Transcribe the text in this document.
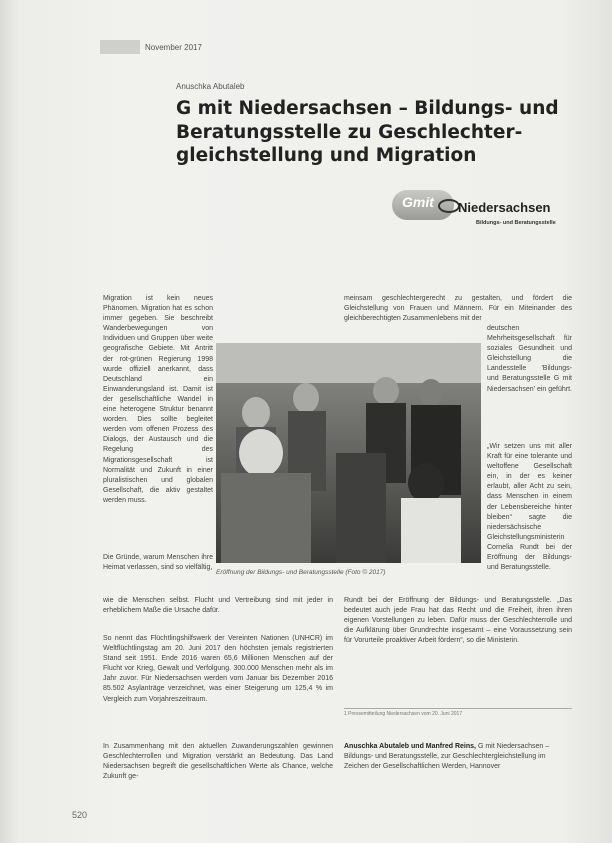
November 2017
Anuschka Abutaleb
G mit Niedersachsen – Bildungs- und Beratungsstelle zu Geschlechter-gleichstellung und Migration
Gmit Niedersachsen
Bildungs- und Beratungsstelle

Migration ist kein neues Phänomen. Migration hat es schon immer gegeben. Sie beschreibt Wanderbewegungen von Individuen und Gruppen über weite geografische Gebiete. Mit Antritt der rot-grünen Regierung 1998 wurde offiziell anerkannt, dass Deutschland ein Einwanderungsland ist. Damit ist der gesellschaftliche Wandel in eine heterogene Struktur benannt worden. Dies sollte begleitet werden vom offenen Prozess des Dialogs, der Austausch und die Regelung des Migrationsgesellschaft ist Normalität und Zukunft in einer pluralistischen und globalen Gesellschaft, die aktiv gestaltet werden muss.

Eröffnung der Bildungs- und Beratungsstelle (Foto © 2017)

Die Gründe, warum Menschen ihre Heimat verlassen, sind so vielfältig,

wie die Menschen selbst. Flucht und Vertreibung sind mit jeder in erheblichem Maße die Ursache dafür.

So nennt das Flüchtlingshilfswerk der Vereinten Nationen (UNHCR) im Weltflüchtlingstag am 20. Juni 2017 den höchsten jemals registrierten Stand seit 1951. Ende 2016 waren 65,6 Millionen Menschen auf der Flucht vor Krieg, Gewalt und Verfolgung. 300.000 Menschen mehr als im Jahr zuvor. Für Niedersachsen werden vom Januar bis Dezember 2016 85.502 Asylanträge verzeichnet, was einer Steigerung um 125,4 % im Vergleich zum Vorjahreszeitraum.

In Zusammenhang mit den aktuellen Zuwanderungszahlen gewinnen Geschlechterrollen und Migration verstärkt an Bedeutung. Das Land Niedersachsen begreift die gesellschaftlichen Werte als Chance, welche Zukunft ge-

meinsam geschlechtergerecht zu gestalten, und fördert die Gleichstellung von Frauen und Männern. Für ein Miteinander des gleichberechtigten Zusammenlebens mit der

deutschen Mehrheitsgesellschaft für soziales Gesundheit und Gleichstellung die Landesstelle 'Bildungs- und Beratungsstelle G mit Niedersachsen' ein geführt.

„Wir setzen uns mit aller Kraft für eine tolerante und weltoffene Gesellschaft ein, in der es keiner erlaubt, aller Acht zu sein, dass Menschen in einem der Lebensbereiche hinter bleiben“ sagte die niedersächsische Gleichstellungsministerin Cornelia Rundt bei der Eröffnung der Bildungs- und Beratungsstelle.

Rundt bei der Eröffnung der Bildungs- und Beratungsstelle. „Das bedeutet auch jede Frau hat das Recht und die Freiheit, ihren ihren eigenen Vorstellungen zu leben. Dafür muss der Geschlechterrolle und die Aufklärung über Grundrechte insgesamt – eine Voraussetzung sein für Vorurteile proaktiver Arbeit fördern“, so die Ministerin.

1 Pressemitteilung Niedersachsen vom 20. Juni 2017
Anuschka Abutaleb und Manfred Reins, G mit Niedersachsen – Bildungs- und Beratungsstelle, zur Geschlechtergleichstellung im Zeichen der Gesellschaftlichen Werden, Hannover
520
